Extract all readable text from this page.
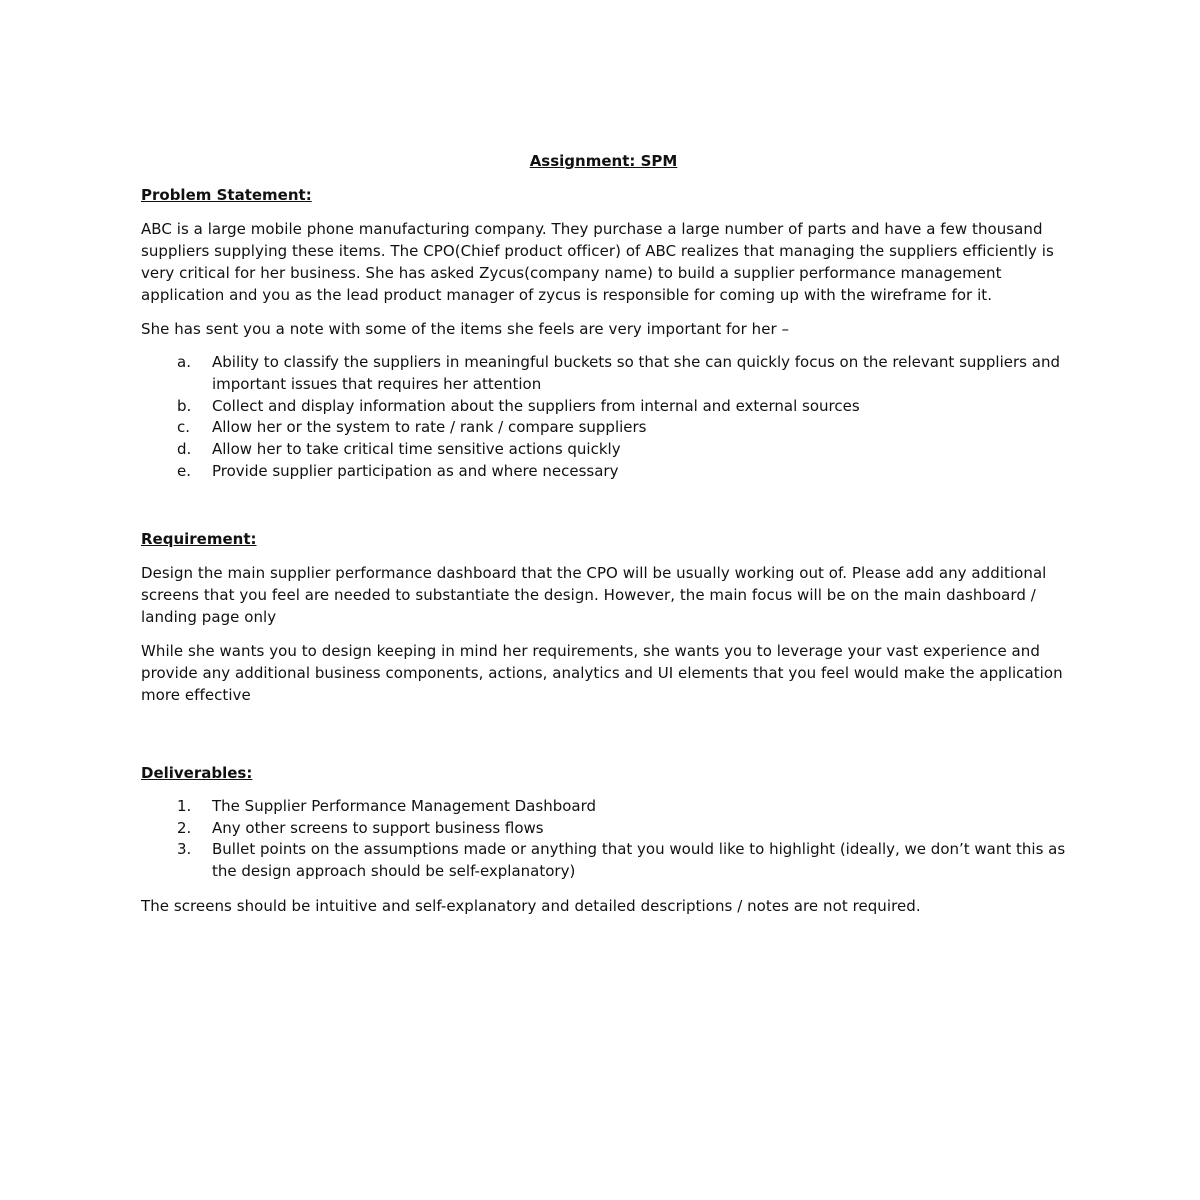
Assignment: SPM
Problem Statement:

ABC is a large mobile phone manufacturing company. They purchase a large number of parts and have a few thousand suppliers supplying these items. The CPO(Chief product officer) of ABC realizes that managing the suppliers efficiently is very critical for her business. She has asked Zycus(company name) to build a supplier performance management application and you as the lead product manager of zycus is responsible for coming up with the wireframe for it.

She has sent you a note with some of the items she feels are very important for her –

a. Ability to classify the suppliers in meaningful buckets so that she can quickly focus on the relevant suppliers and important issues that requires her attention
b. Collect and display information about the suppliers from internal and external sources
c. Allow her or the system to rate / rank / compare suppliers
d. Allow her to take critical time sensitive actions quickly
e. Provide supplier participation as and where necessary
Requirement:

Design the main supplier performance dashboard that the CPO will be usually working out of. Please add any additional screens that you feel are needed to substantiate the design. However, the main focus will be on the main dashboard / landing page only

While she wants you to design keeping in mind her requirements, she wants you to leverage your vast experience and provide any additional business components, actions, analytics and UI elements that you feel would make the application more effective

Deliverables:
1. The Supplier Performance Management Dashboard
2. Any other screens to support business flows
3. Bullet points on the assumptions made or anything that you would like to highlight (ideally, we don’t want this as the design approach should be self-explanatory)

The screens should be intuitive and self-explanatory and detailed descriptions / notes are not required.
